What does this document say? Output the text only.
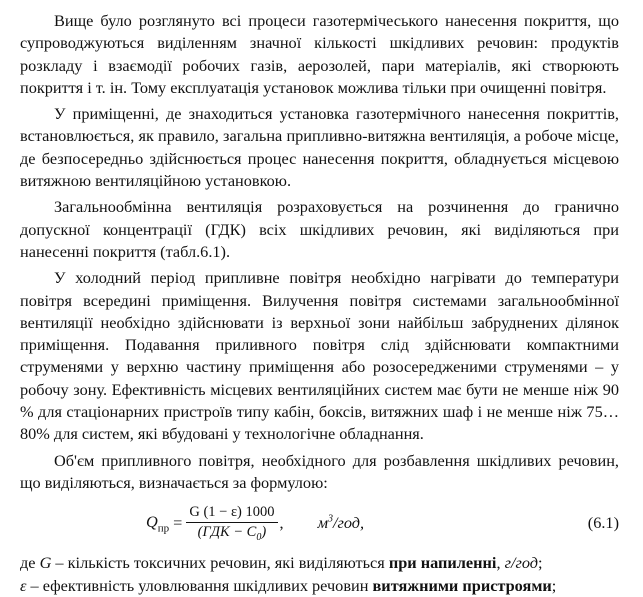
Вище було розглянуто всі процеси газотермічеського нанесення покриття, що супроводжуються виділенням значної кількості шкідливих речовин: продуктів розкладу і взаємодії робочих газів, аерозолей, пари матеріалів, які створюють покриття і т. ін. Тому експлуатація установок можлива тільки при очищенні повітря.

У приміщенні, де знаходиться установка газотермічного нанесення покриттів, встановлюється, як правило, загальна припливно-витяжна вентиляція, а робоче місце, де безпосередньо здійснюється процес нанесення покриття, обладнується місцевою витяжною вентиляційною установкою.

Загальнообмінна вентиляція розраховується на розчинення до гранично допускної концентрації (ГДК) всіх шкідливих речовин, які виділяються при нанесенні покриття (табл.6.1).

У холодний період припливне повітря необхідно нагрівати до температури повітря всередині приміщення. Вилучення повітря системами загальнообмінної вентиляції необхідно здійснювати із верхньої зони найбільш забруднених ділянок приміщення. Подавання приливного повітря слід здійснювати компактними струменями у верхню частину приміщення або розосередженими струменями – у робочу зону. Ефективність місцевих вентиляційних систем має бути не менше ніж 90 % для стаціонарних пристроїв типу кабін, боксів, витяжних шаф і не менше ніж 75…80% для систем, які вбудовані у технологічне обладнання.

Об'єм припливного повітря, необхідного для розбавлення шкідливих речовин, що виділяються, визначається за формулою:

$Q_{пр} = \frac{G (1 - \varepsilon) 1000}{(ГДК - C_0)}$ , $м^3$/год,	(6.1)

де G – кількість токсичних речовин, які виділяються при напиленні, г/год;

ε – ефективність уловлювання шкідливих речовин витяжними пристроями;
